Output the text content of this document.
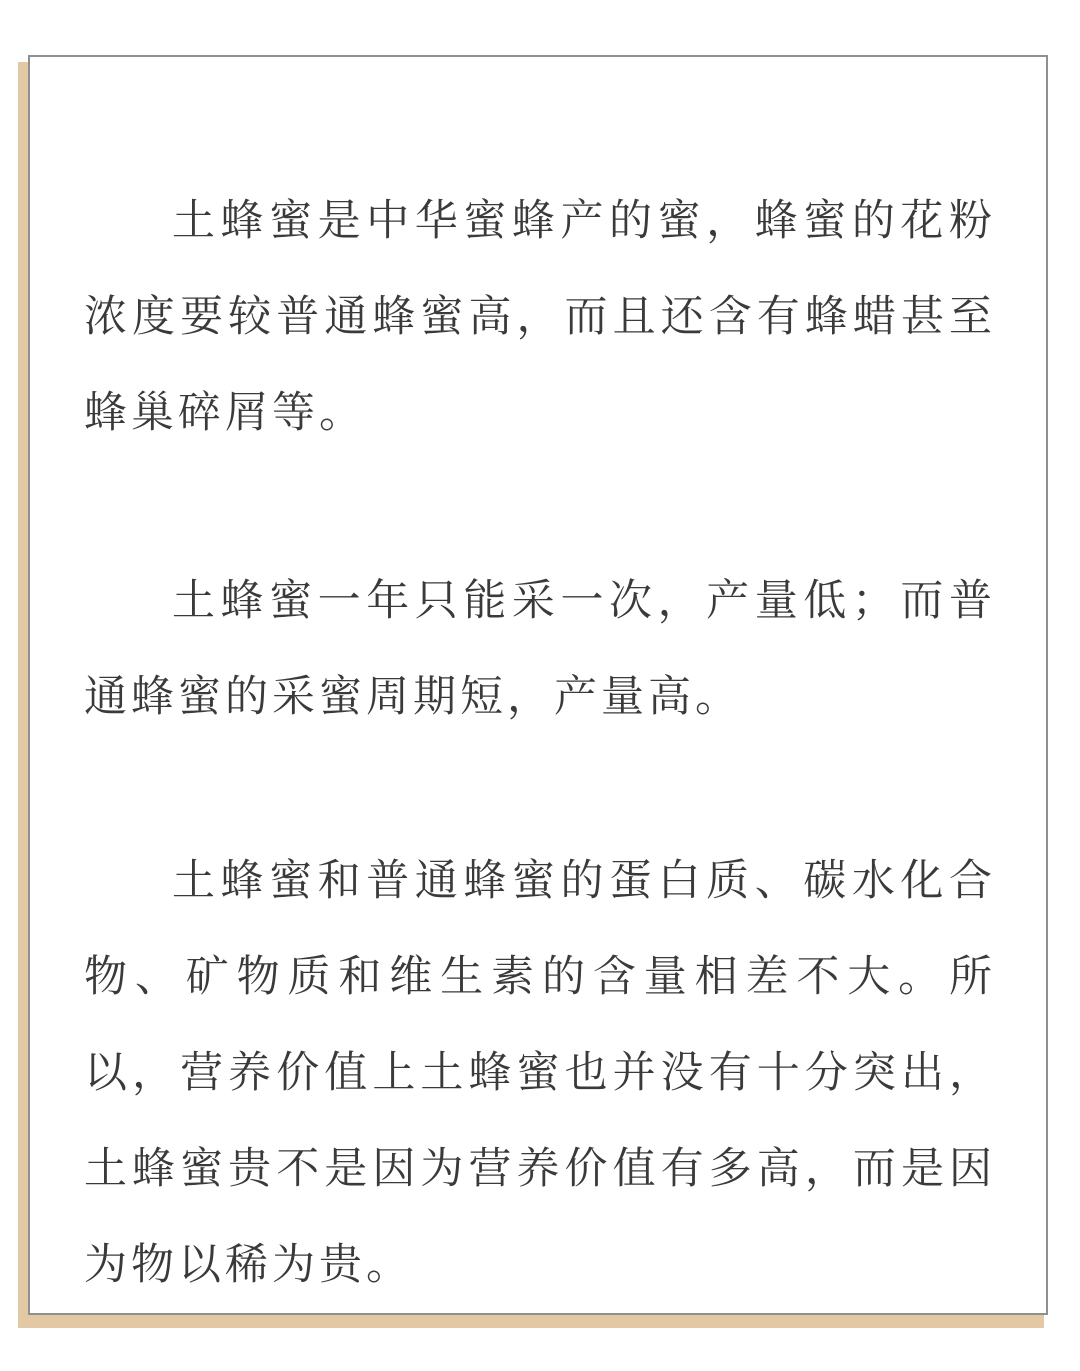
土蜂蜜是中华蜜蜂产的蜜，蜂蜜的花粉浓度要较普通蜂蜜高，而且还含有蜂蜡甚至蜂巢碎屑等。

土蜂蜜一年只能采一次，产量低；而普通蜂蜜的采蜜周期短，产量高。

土蜂蜜和普通蜂蜜的蛋白质、碳水化合物、矿物质和维生素的含量相差不大。所以，营养价值上土蜂蜜也并没有十分突出，土蜂蜜贵不是因为营养价值有多高，而是因为物以稀为贵。
